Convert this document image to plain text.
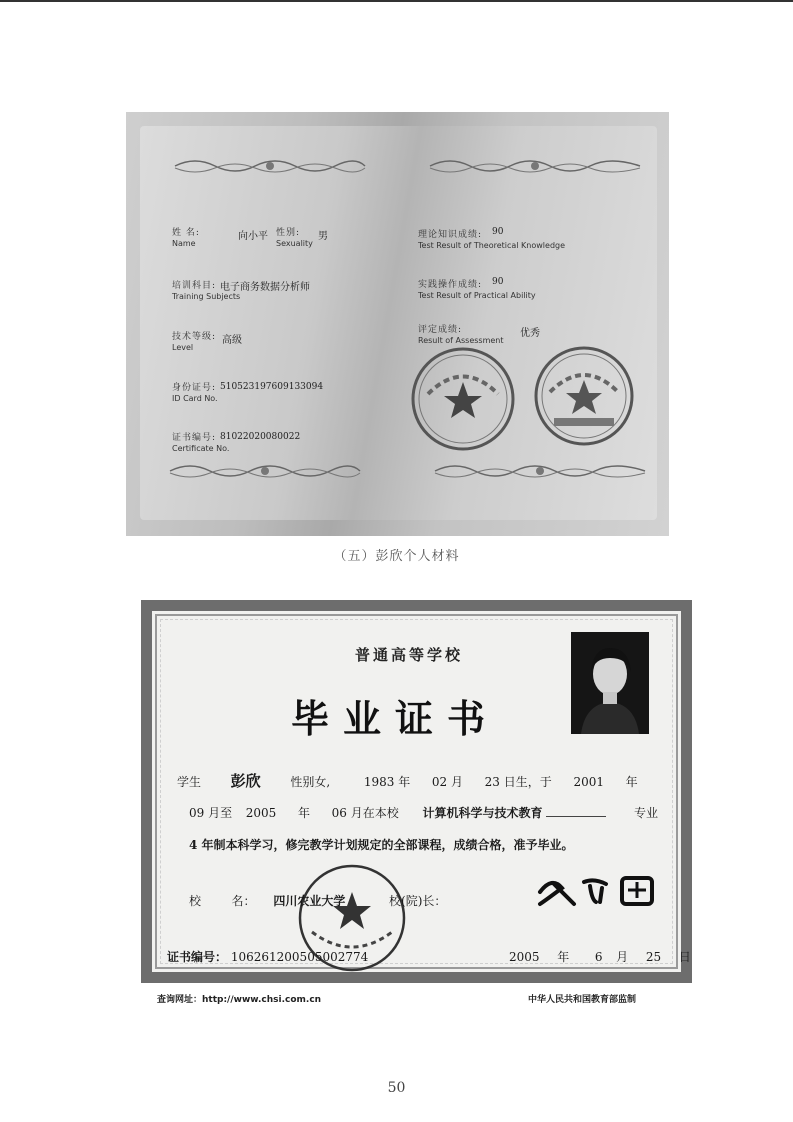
姓 名:
Name
向小平 性别:
Sexuality
男
培训科目:
Training Subjects
电子商务数据分析师
技术等级:
Level
高级
身份证号:
ID Card No.
510523197609133094
证书编号:
Certificate No.
81022020080022
理论知识成绩:
Test Result of Theoretical Knowledge
90
实践操作成绩:
Test Result of Practical Ability
90
评定成绩:
Result of Assessment
优秀
（五）彭欣个人材料
普通高等学校
毕业证书
学生 彭欣 性别女,	1983 年 02 月 23 日生，于 2001 年
09 月至 2005 年 06 月在本校 计算机科学与技术教育	专业
4 年制本科学习，修完教学计划规定的全部课程，成绩合格，准予毕业。
校        名： 四川农业大学	校(院)长：
证书编号： 106261200505002774	2005 年 6 月 25 日
查询网址：http://www.chsi.com.cn	中华人民共和国教育部监制
50
